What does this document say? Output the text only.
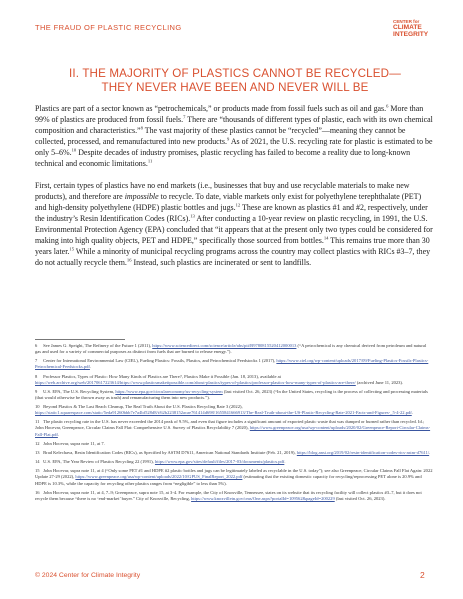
THE FRAUD OF PLASTIC RECYCLING
CENTER for
CLIMATE
INTEGRITY
II. THE MAJORITY OF PLASTICS CANNOT BE RECYCLED—
THEY NEVER HAVE BEEN AND NEVER WILL BE

Plastics are part of a sector known as “petrochemicals,” or products made from fossil fuels such as oil and gas.$^6$ More than 99% of plastics are produced from fossil fuels.$^7$ There are “thousands of different types of plastic, each with its own chemical composition and characteristics.”$^8$ The vast majority of these plastics cannot be “recycled”—meaning they cannot be collected, processed, and remanufactured into new products.$^9$ As of 2021, the U.S. recycling rate for plastic is estimated to be only 5–6%.$^{10}$ Despite decades of industry promises, plastic recycling has failed to become a reality due to long-known technical and economic limitations.$^{11}$

First, certain types of plastics have no end markets (i.e., businesses that buy and use recyclable materials to make new products), and therefore are impossible to recycle. To date, viable markets only exist for polyethylene terephthalate (PET) and high-density polyethylene (HDPE) plastic bottles and jugs.$^{12}$ These are known as plastics #1 and #2, respectively, under the industry’s Resin Identification Codes (RICs).$^{13}$ After conducting a 10-year review on plastic recycling, in 1991, the U.S. Environmental Protection Agency (EPA) concluded that “it appears that at the present only two types could be considered for making into high quality objects, PET and HDPE,” specifically those sourced from bottles.$^{14}$ This remains true more than 30 years later.$^{15}$ While a minority of municipal recycling programs across the country may collect plastics with RICs #3–7, they do not actually recycle them.$^{16}$ Instead, such plastics are incinerated or sent to landfills.

6 See James G. Speight, The Refinery of the Future 1 (2011), https://www.sciencedirect.com/science/article/abs/pii/B9780815520412000013 (“A petrochemical is any chemical derived from petroleum and natural gas and used for a variety of commercial purposes as distinct from fuels that are burned to release energy.”).
7 Center for International Environmental Law (CIEL), Fueling Plastics: Fossils, Plastics, and Petrochemical Feedstocks 1 (2017), https://www.ciel.org/wp-content/uploads/2017/09/Fueling-Plastics-Fossils-Plastics-Petrochemical-Feedstocks.pdf.
8 Professor Plastics, Types of Plastic: How Many Kinds of Plastics are There?, Plastics Make it Possible (Jan. 18, 2013), available at https://web.archive.org/web/20170617223614/https://www.plasticsmakeitpossible.com/about-plastics/types-of-plastics/professor-plastics-how-many-types-of-plastics-are-there/ (archived June 11, 2023).
9 U.S. EPA, The U.S. Recycling System, https://www.epa.gov/circulareconomy/us-recycling-system (last visited Oct. 26, 2023) (“In the United States, recycling is the process of collecting and processing materials (that would otherwise be thrown away as trash) and remanufacturing them into new products.”).
10 Beyond Plastics & The Last Beach Cleanup, The Real Truth About the U.S. Plastics Recycling Rate 3 (2022), https://static1.squarespace.com/static/5eda91260bbb7e7a4bf528d8/t/62b2238152acae761414d698/1655841666913/The-Real-Truth-about-the-US-Plastic-Recycling-Rate-2021-Facts-and-Figures-_5-4-22.pdf.
11 The plastic recycling rate in the U.S. has never exceeded the 2014 peak of 9.5%, and even that figure includes a significant amount of exported plastic waste that was dumped or burned rather than recycled. Id.; John Hocevar, Greenpeace, Circular Claims Fall Flat: Comprehensive U.S. Survey of Plastics Recyclability 7 (2020), https://www.greenpeace.org/usa/wp-content/uploads/2020/02/Greenpeace-Report-Circular-Claims-Fall-Flat.pdf.
12 John Hocevar, supra note 11, at 7.
13 Brad Kelechava, Resin Identification Codes (RICs), as Specified by ASTM D7611, American National Standards Institute (Feb. 21, 2019), https://blog.ansi.org/2019/02/resin-identification-codes-rics-astm-d7611/.
14 U.S. EPA, The Year Review of Plastics Recycling 22 (1991), https://www.epa.gov/sites/default/files/2017-03/documents/plastics.pdf.
15 John Hocevar, supra note 11, at 4 (“Only some PET #1 and HDPE #2 plastic bottles and jugs can be legitimately labeled as recyclable in the U.S. today”); see also Greenpeace, Circular Claims Fall Flat Again: 2022 Update 27-29 (2022), https://www.greenpeace.org/usa/wp-content/uploads/2022/10/GPUS_FinalReport_2022.pdf (estimating that the existing domestic capacity for recycling/reprocessing PET alone is 20.9% and HDPE is 10.3%, while the capacity for recycling other plastics ranges from “negligible” to less than 5%).
16 John Hocevar, supra note 11, at 4, 7–9; Greenpeace, supra note 15, at 3-4. For example, the City of Knoxville, Tennessee, states on its website that its recycling facility will collect plastics #3–7, but it does not recycle them because “there is no ‘end-market’ buyer.” City of Knoxville, Recycling, https://www.knoxvilletn.gov/cms/One.aspx?portalId=109562&pageId=200229 (last visited Oct. 26, 2023).
© 2024 Center for Climate Integrity	2
